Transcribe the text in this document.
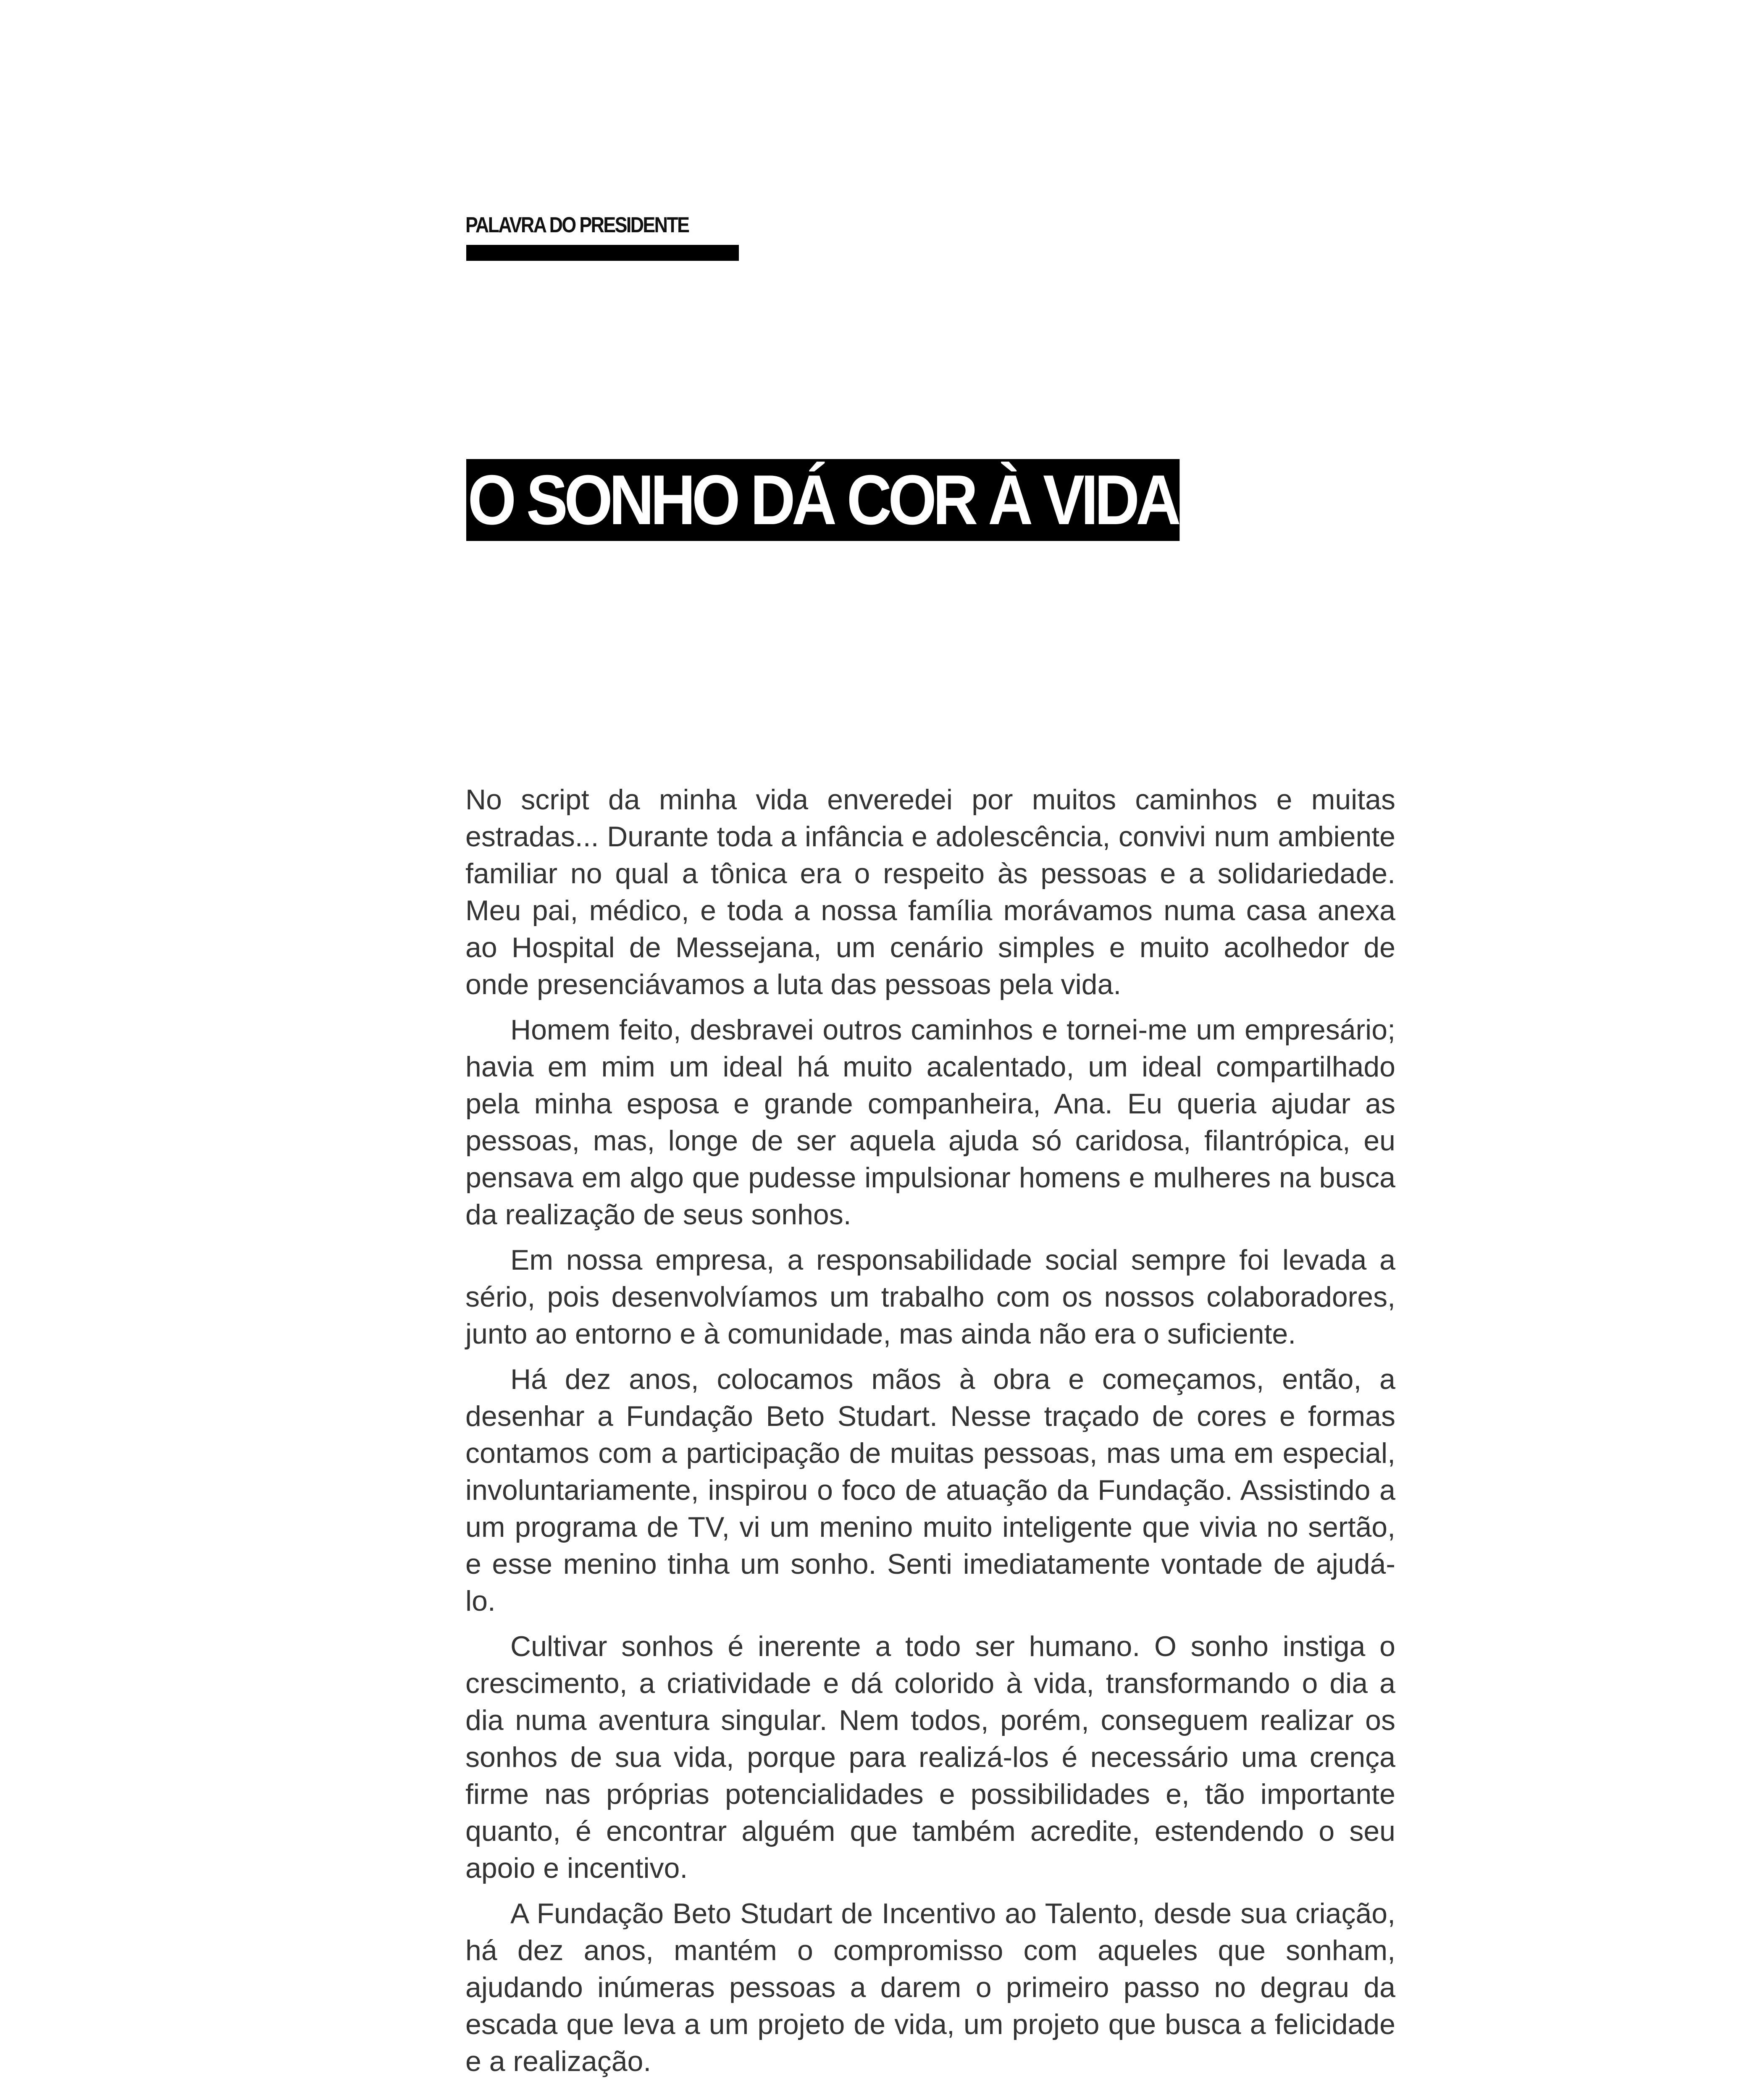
PALAVRA DO PRESIDENTE
O SONHO DÁ COR À VIDA

No script da minha vida enveredei por muitos caminhos e muitas estradas... Durante toda a infância e adolescência, convivi num ambiente familiar no qual a tônica era o respeito às pessoas e a solidariedade. Meu pai, médico, e toda a nossa família morávamos numa casa anexa ao Hospital de Messejana, um cenário simples e muito acolhedor de onde presenciávamos a luta das pessoas pela vida.

Homem feito, desbravei outros caminhos e tornei-me um empresário; havia em mim um ideal há muito acalentado, um ideal compartilhado pela minha esposa e grande companheira, Ana. Eu queria ajudar as pessoas, mas, longe de ser aquela ajuda só caridosa, filantrópica, eu pensava em algo que pudesse impulsionar homens e mulheres na busca da realização de seus sonhos.

Em nossa empresa, a responsabilidade social sempre foi levada a sério, pois desenvolvíamos um trabalho com os nossos colaboradores, junto ao entorno e à comunidade, mas ainda não era o suficiente.

Há dez anos, colocamos mãos à obra e começamos, então, a desenhar a Fundação Beto Studart. Nesse traçado de cores e formas contamos com a participação de muitas pessoas, mas uma em especial, involuntariamente, inspirou o foco de atuação da Fundação. Assistindo a um programa de TV, vi um menino muito inteligente que vivia no sertão, e esse menino tinha um sonho. Senti imediatamente vontade de ajudá-lo.

Cultivar sonhos é inerente a todo ser humano. O sonho instiga o crescimento, a criatividade e dá colorido à vida, transformando o dia a dia numa aventura singular. Nem todos, porém, conseguem realizar os sonhos de sua vida, porque para realizá-los é necessário uma crença firme nas próprias potencialidades e possibilidades e, tão importante quanto, é encontrar alguém que também acredite, estendendo o seu apoio e incentivo.

A Fundação Beto Studart de Incentivo ao Talento, desde sua criação, há dez anos, mantém o compromisso com aqueles que sonham, ajudando inúmeras pessoas a darem o primeiro passo no degrau da escada que leva a um projeto de vida, um projeto que busca a felicidade e a realização.
